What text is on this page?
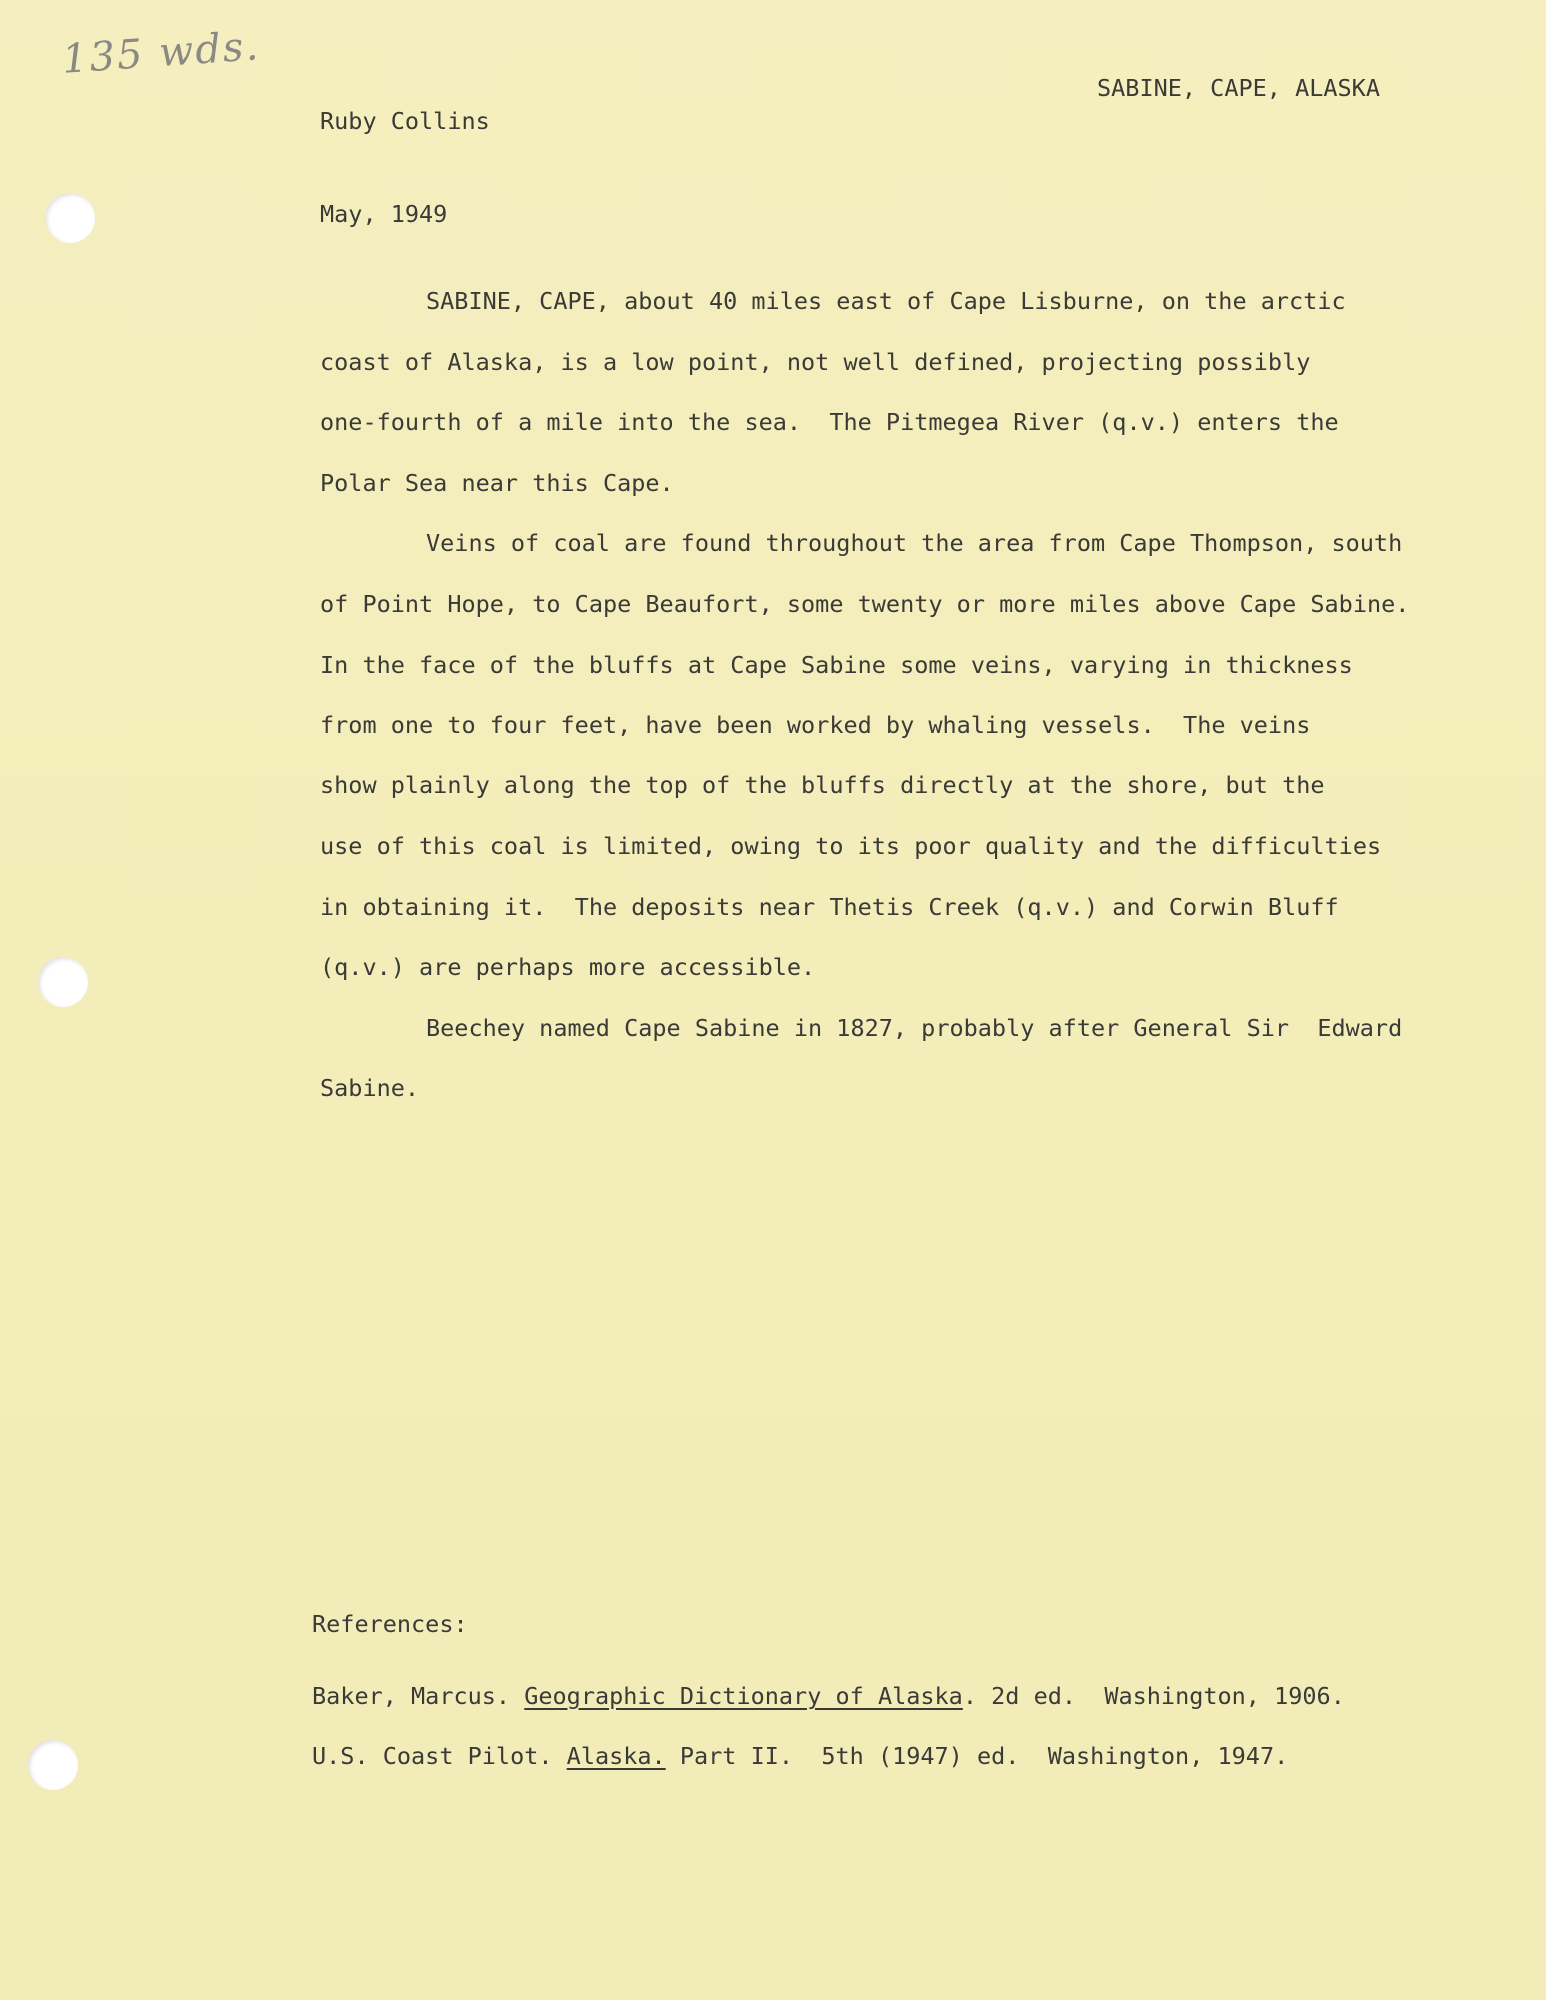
135 wds.

Ruby Collins

May, 1949

SABINE, CAPE, ALASKA
SABINE, CAPE, about 40 miles east of Cape Lisburne, on the arctic
coast of Alaska, is a low point, not well defined, projecting possibly
one-fourth of a mile into the sea.  The Pitmegea River (q.v.) enters the
Polar Sea near this Cape.
Veins of coal are found throughout the area from Cape Thompson, south
of Point Hope, to Cape Beaufort, some twenty or more miles above Cape Sabine.
In the face of the bluffs at Cape Sabine some veins, varying in thickness
from one to four feet, have been worked by whaling vessels.  The veins
show plainly along the top of the bluffs directly at the shore, but the
use of this coal is limited, owing to its poor quality and the difficulties
in obtaining it.  The deposits near Thetis Creek (q.v.) and Corwin Bluff
(q.v.) are perhaps more accessible.
Beechey named Cape Sabine in 1827, probably after General Sir  Edward
Sabine.
References:
Baker, Marcus. Geographic Dictionary of Alaska. 2d ed.  Washington, 1906.
U.S. Coast Pilot. Alaska. Part II.  5th (1947) ed.  Washington, 1947.
